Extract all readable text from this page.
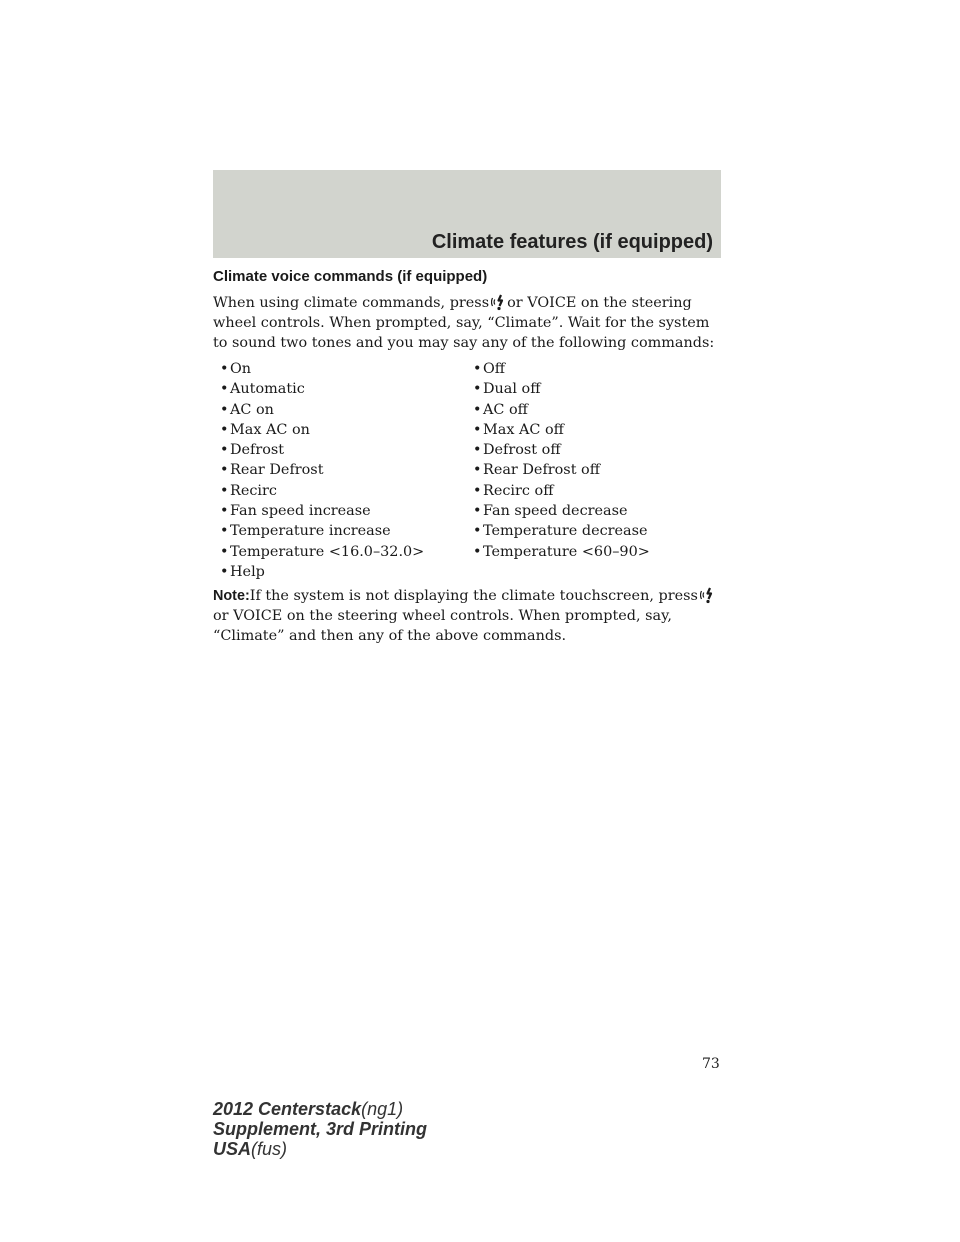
Climate features (if equipped)
Climate voice commands (if equipped)

When using climate commands, press or VOICE on the steering wheel controls. When prompted, say, “Climate”. Wait for the system to sound two tones and you may say any of the following commands:

• On	• Off
• Automatic	• Dual off
• AC on	• AC off
• Max AC on	• Max AC off
• Defrost	• Defrost off
• Rear Defrost	• Rear Defrost off
• Recirc	• Recirc off
• Fan speed increase	• Fan speed decrease
• Temperature increase	• Temperature decrease
• Temperature <16.0–32.0>	• Temperature <60–90>
• Help

Note:If the system is not displaying the climate touchscreen, pressor VOICE on the steering wheel controls. When prompted, say, “Climate” and then any of the above commands.

73
2012 Centerstack(ng1)
Supplement, 3rd Printing
USA(fus)
